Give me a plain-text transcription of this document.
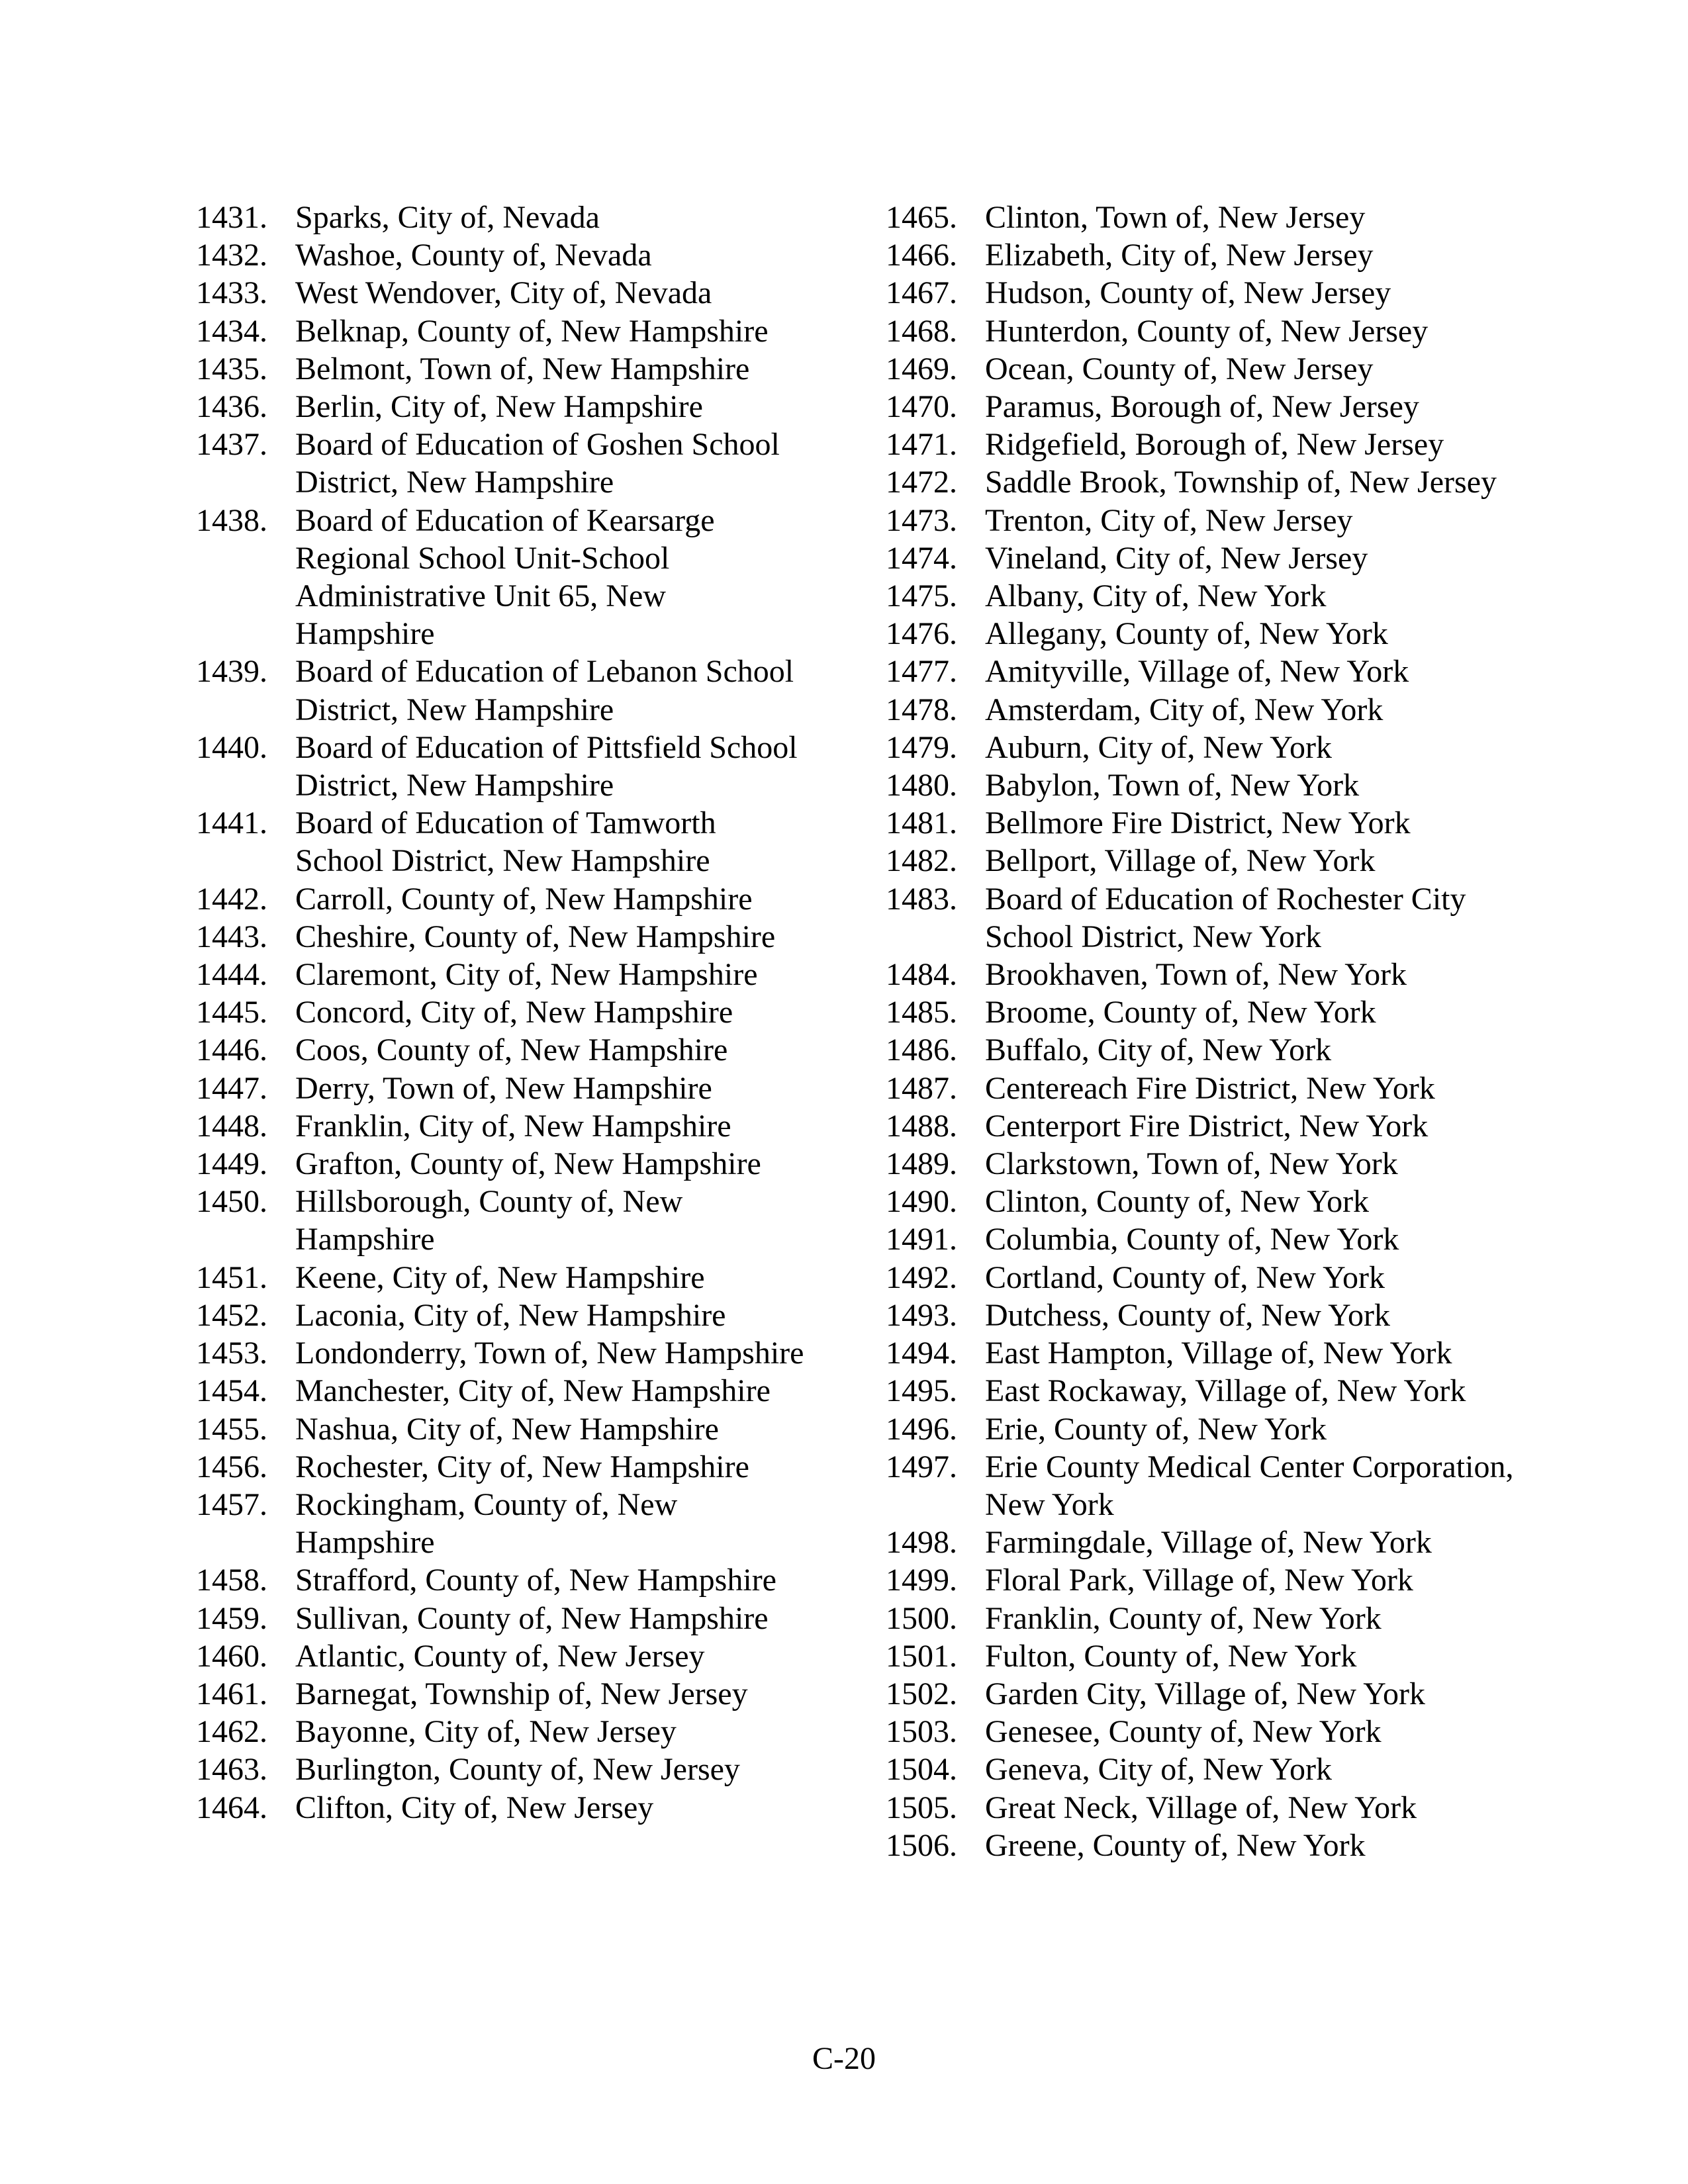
1431. Sparks, City of, Nevada
1432. Washoe, County of, Nevada
1433. West Wendover, City of, Nevada
1434. Belknap, County of, New Hampshire
1435. Belmont, Town of, New Hampshire
1436. Berlin, City of, New Hampshire
1437. Board of Education of Goshen School District, New Hampshire
1438. Board of Education of Kearsarge Regional School Unit-School Administrative Unit 65, New Hampshire
1439. Board of Education of Lebanon School District, New Hampshire
1440. Board of Education of Pittsfield School District, New Hampshire
1441. Board of Education of Tamworth School District, New Hampshire
1442. Carroll, County of, New Hampshire
1443. Cheshire, County of, New Hampshire
1444. Claremont, City of, New Hampshire
1445. Concord, City of, New Hampshire
1446. Coos, County of, New Hampshire
1447. Derry, Town of, New Hampshire
1448. Franklin, City of, New Hampshire
1449. Grafton, County of, New Hampshire
1450. Hillsborough, County of, New Hampshire
1451. Keene, City of, New Hampshire
1452. Laconia, City of, New Hampshire
1453. Londonderry, Town of, New Hampshire
1454. Manchester, City of, New Hampshire
1455. Nashua, City of, New Hampshire
1456. Rochester, City of, New Hampshire
1457. Rockingham, County of, New Hampshire
1458. Strafford, County of, New Hampshire
1459. Sullivan, County of, New Hampshire
1460. Atlantic, County of, New Jersey
1461. Barnegat, Township of, New Jersey
1462. Bayonne, City of, New Jersey
1463. Burlington, County of, New Jersey
1464. Clifton, City of, New Jersey
1465. Clinton, Town of, New Jersey
1466. Elizabeth, City of, New Jersey
1467. Hudson, County of, New Jersey
1468. Hunterdon, County of, New Jersey
1469. Ocean, County of, New Jersey
1470. Paramus, Borough of, New Jersey
1471. Ridgefield, Borough of, New Jersey
1472. Saddle Brook, Township of, New Jersey
1473. Trenton, City of, New Jersey
1474. Vineland, City of, New Jersey
1475. Albany, City of, New York
1476. Allegany, County of, New York
1477. Amityville, Village of, New York
1478. Amsterdam, City of, New York
1479. Auburn, City of, New York
1480. Babylon, Town of, New York
1481. Bellmore Fire District, New York
1482. Bellport, Village of, New York
1483. Board of Education of Rochester City School District, New York
1484. Brookhaven, Town of, New York
1485. Broome, County of, New York
1486. Buffalo, City of, New York
1487. Centereach Fire District, New York
1488. Centerport Fire District, New York
1489. Clarkstown, Town of, New York
1490. Clinton, County of, New York
1491. Columbia, County of, New York
1492. Cortland, County of, New York
1493. Dutchess, County of, New York
1494. East Hampton, Village of, New York
1495. East Rockaway, Village of, New York
1496. Erie, County of, New York
1497. Erie County Medical Center Corporation, New York
1498. Farmingdale, Village of, New York
1499. Floral Park, Village of, New York
1500. Franklin, County of, New York
1501. Fulton, County of, New York
1502. Garden City, Village of, New York
1503. Genesee, County of, New York
1504. Geneva, City of, New York
1505. Great Neck, Village of, New York
1506. Greene, County of, New York
C-20
